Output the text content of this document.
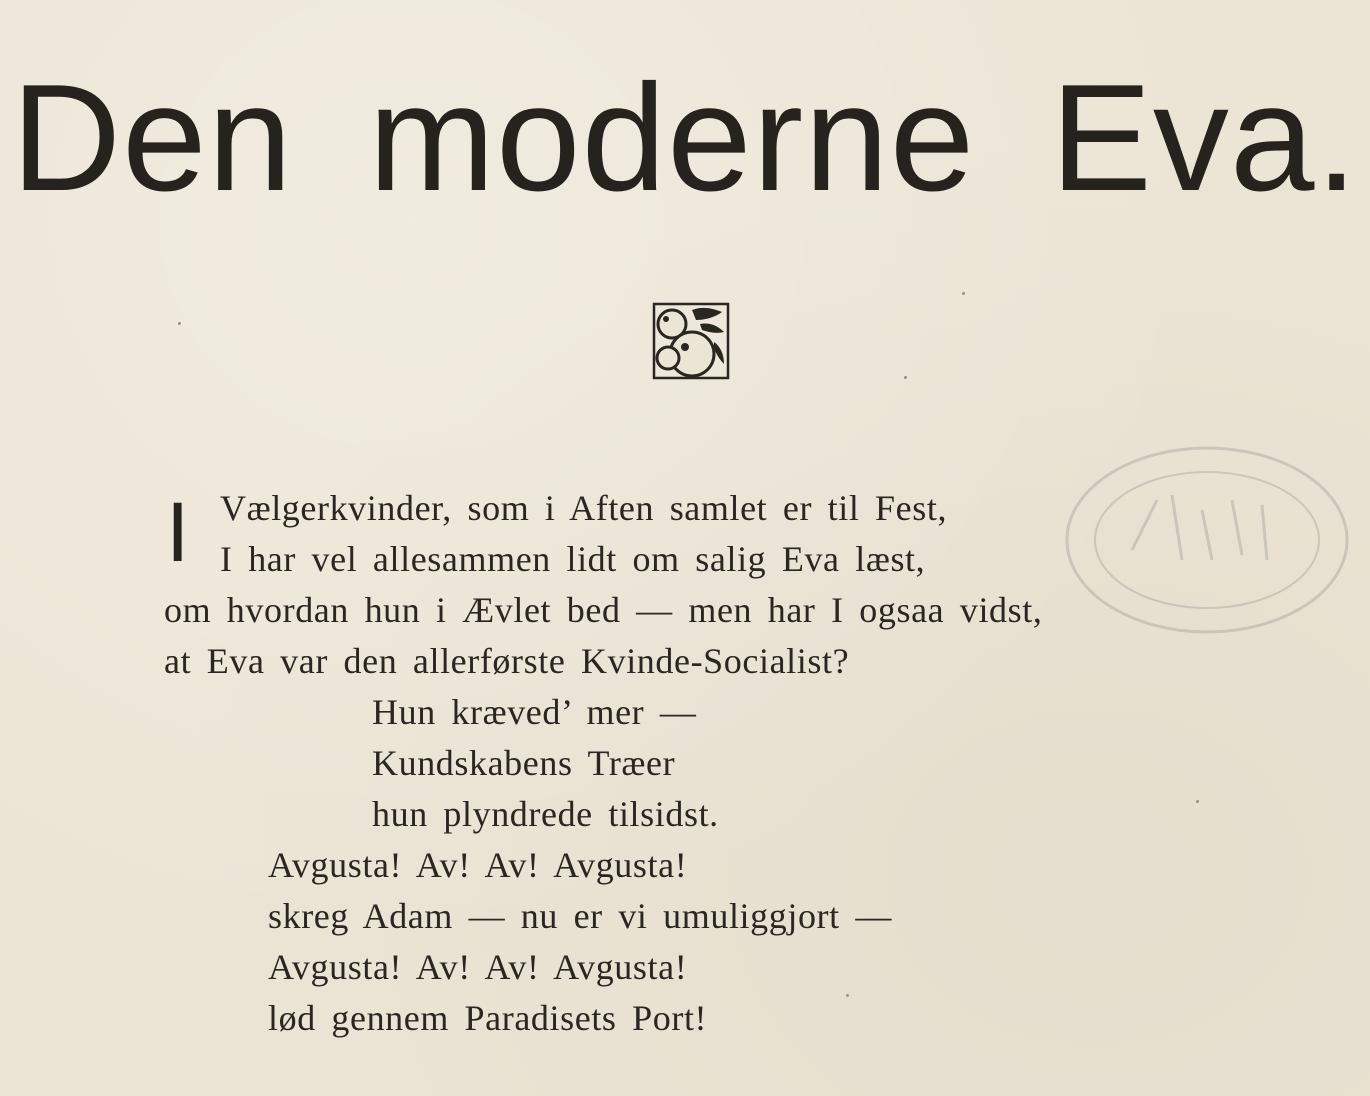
Den moderne Eva.
I Vælgerkvinder, som i Aften samlet er til Fest,
I har vel allesammen lidt om salig Eva læst,
om hvordan hun i Ævlet bed — men har I ogsaa vidst,
at Eva var den allerførste Kvinde-Socialist?
Hun kræved’ mer —
Kundskabens Træer
hun plyndrede tilsidst.
Avgusta! Av! Av! Avgusta!
skreg Adam — nu er vi umuliggjort —
Avgusta! Av! Av! Avgusta!
lød gennem Paradisets Port!
